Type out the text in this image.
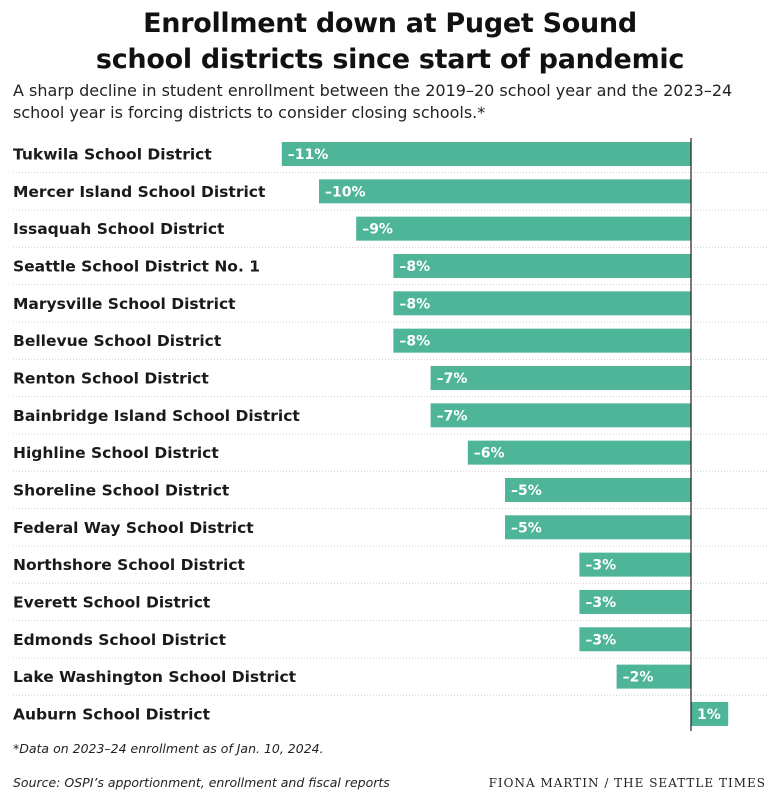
Enrollment down at Puget Sound
school districts since start of pandemic
A sharp decline in student enrollment between the 2019–20 school year and the 2023–24 school year is forcing districts to consider closing schools.*
Tukwila School District	–11%
Mercer Island School District	–10%
Issaquah School District	–9%
Seattle School District No. 1	–8%
Marysville School District	–8%
Bellevue School District	–8%
Renton School District	–7%
Bainbridge Island School District	–7%
Highline School District	–6%
Shoreline School District	–5%
Federal Way School District	–5%
Northshore School District	–3%
Everett School District	–3%
Edmonds School District	–3%
Lake Washington School District	–2%
Auburn School District	1%
*Data on 2023–24 enrollment as of Jan. 10, 2024.
Source: OSPI’s apportionment, enrollment and fiscal reports	FIONA MARTIN / THE SEATTLE TIMES
